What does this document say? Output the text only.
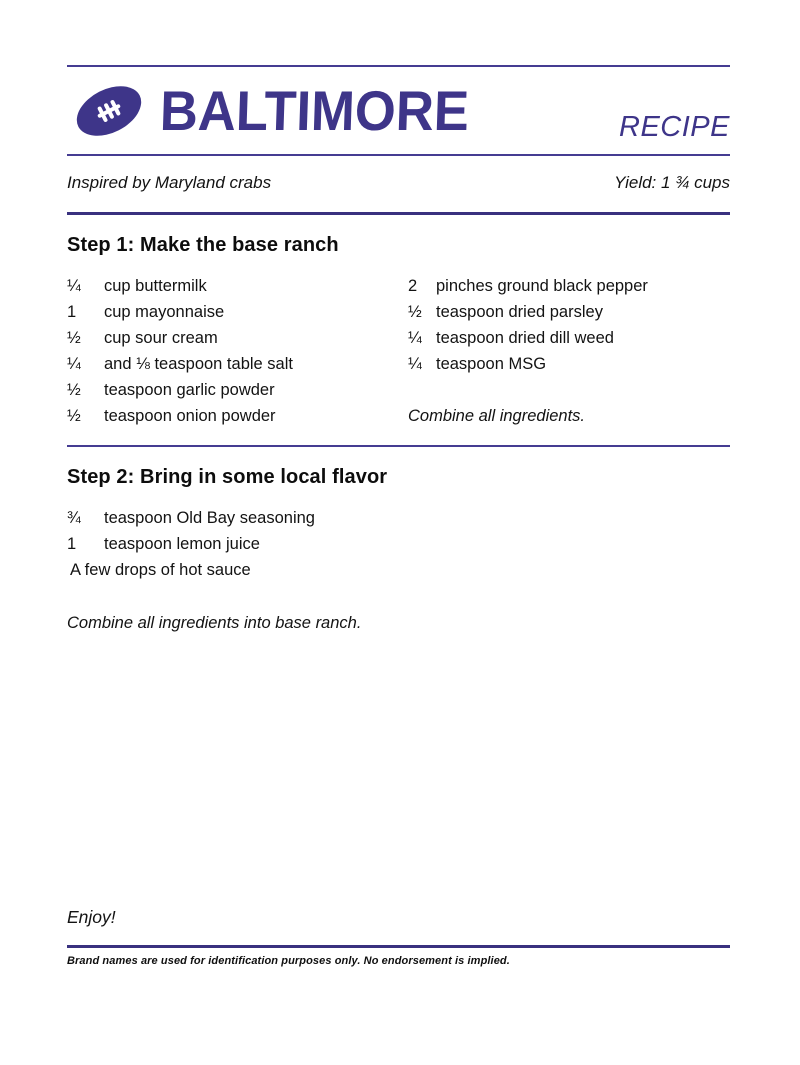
BALTIMORE	RECIPE
Inspired by Maryland crabs	Yield: 1 ¾ cups
Step 1: Make the base ranch
¼	cup buttermilk
1	cup mayonnaise
½	cup sour cream
¼	and ⅛ teaspoon table salt
½	teaspoon garlic powder
½	teaspoon onion powder
2	pinches ground black pepper
½ teaspoon dried parsley
¼ teaspoon dried dill weed
¼ teaspoon MSG

Combine all ingredients.

Step 2: Bring in some local flavor
¾	teaspoon Old Bay seasoning
1	teaspoon lemon juice
A few drops of hot sauce

Combine all ingredients into base ranch.

Enjoy!
Brand names are used for identification purposes only. No endorsement is implied.
